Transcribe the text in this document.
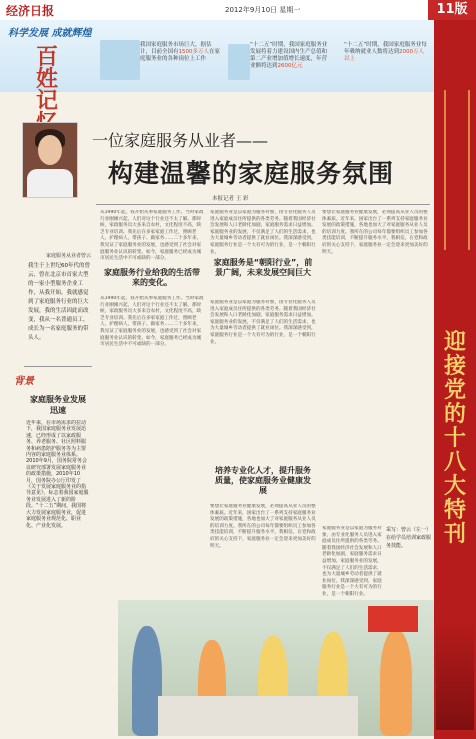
经济日报	2012年9月10日 星期一	11版
科学发展 成就辉煌
百姓记
我国家庭服务市场巨大，据估计，目前全国有1500多万人在家庭服务业的各种岗位上工作
“十二五”时期，我国家庭服务业发展将着力建设国内生产总值和第二产业增加值增长速度，年营业额将达到2600亿元
“十二五”时期，我国家庭服务业每年吸纳就业人数将达到2000万人以上
迎接党的十八大特刊
家庭服务从业者曾云
一位家庭服务从业者——
构建温馨的家庭服务氛围
本报记者 王 彩
我生于上世纪60年代的曾云，曾在北京市首家大型的一家小型服务企业工作，从我开始，我就感觉到了家庭服务行业的巨大发展，我的生活因此而改变，我从一名普通员工，成长为一名家庭服务的带头人。
背景
家庭服务业发展迅速
近年来，在市场需求的拉动下，我国家庭服务业发展迅速，已经形成了以家政服务、养老服务、社区照料服务和病患陪护服务等为主要内容的家庭服务业体系。2010年9月，国务院常务会议研究部署发展家庭服务业的政策措施，2010年10月，国务院办公厅印发了《关于发展家庭服务业的指导意见》，标志着我国家庭服务业发展进入了新的阶段。“十二五”期间，我国将大力发展家庭服务业，促进家庭服务业规范化、职业化、产业化发展。
从1990年起，我开始从事家庭服务工作。当时家政行业刚刚兴起，人们对这个行业还不太了解。那时候，家政服务员大多来自农村，文化程度不高，缺乏专业培训。我先后在多家家庭工作过，照顾老人、护理病人、带孩子、做家务……二十多年来，我见证了家庭服务业的发展，也感受到了社会对家庭服务业认识的转变。如今，家庭服务已经成为城市居民生活中不可或缺的一部分。
家庭服务行业给我的生活带来的变化。
从1990年起，我开始从事家庭服务工作。当时家政行业刚刚兴起，人们对这个行业还不太了解。那时候，家政服务员大多来自农村，文化程度不高，缺乏专业培训。我先后在多家家庭工作过，照顾老人、护理病人、带孩子、做家务……二十多年来，我见证了家庭服务业的发展，也感受到了社会对家庭服务业认识的转变。如今，家庭服务已经成为城市居民生活中不可或缺的一部分。
家庭服务业是以家庭为服务对象，由专业化服务人员进入家庭成员住所提供的各类劳务。随着我国经济社会发展和人口老龄化加剧，家庭服务需求日益增加。家庭服务业的发展，不仅满足了人们的生活需求，也为大量城乡劳动者提供了就业岗位。我深深感受到，家庭服务行业是一个大有可为的行业，是一个朝阳行业。
家庭服务是“朝阳行业”，前景广阔，未来发展空间巨大
家庭服务业是以家庭为服务对象，由专业化服务人员进入家庭成员住所提供的各类劳务。随着我国经济社会发展和人口老龄化加剧，家庭服务需求日益增加。家庭服务业的发展，不仅满足了人们的生活需求，也为大量城乡劳动者提供了就业岗位。我深深感受到，家庭服务行业是一个大有可为的行业，是一个朝阳行业。
培养专业化人才，提升服务质量，使家庭服务业健康发展
要想让家庭服务业健康发展，必须提高从业人员的整体素质。近年来，国家出台了一系列支持家庭服务业发展的政策措施，各地也加大了对家庭服务从业人员的培训力度。我所在的公司每年都要组织员工参加各类技能培训，不断提升服务水平。我相信，在党和政府的关心支持下，家庭服务业一定会迎来更加美好的明天。
要想让家庭服务业健康发展，必须提高从业人员的整体素质。近年来，国家出台了一系列支持家庭服务业发展的政策措施，各地也加大了对家庭服务从业人员的培训力度。我所在的公司每年都要组织员工参加各类技能培训，不断提升服务水平。我相信，在党和政府的关心支持下，家庭服务业一定会迎来更加美好的明天。
采写：曾云（左一）在给学员培训家政服务技能。
家庭服务业是以家庭为服务对象，由专业化服务人员进入家庭成员住所提供的各类劳务。随着我国经济社会发展和人口老龄化加剧，家庭服务需求日益增加。家庭服务业的发展，不仅满足了人们的生活需求，也为大量城乡劳动者提供了就业岗位。我深深感受到，家庭服务行业是一个大有可为的行业，是一个朝阳行业。
